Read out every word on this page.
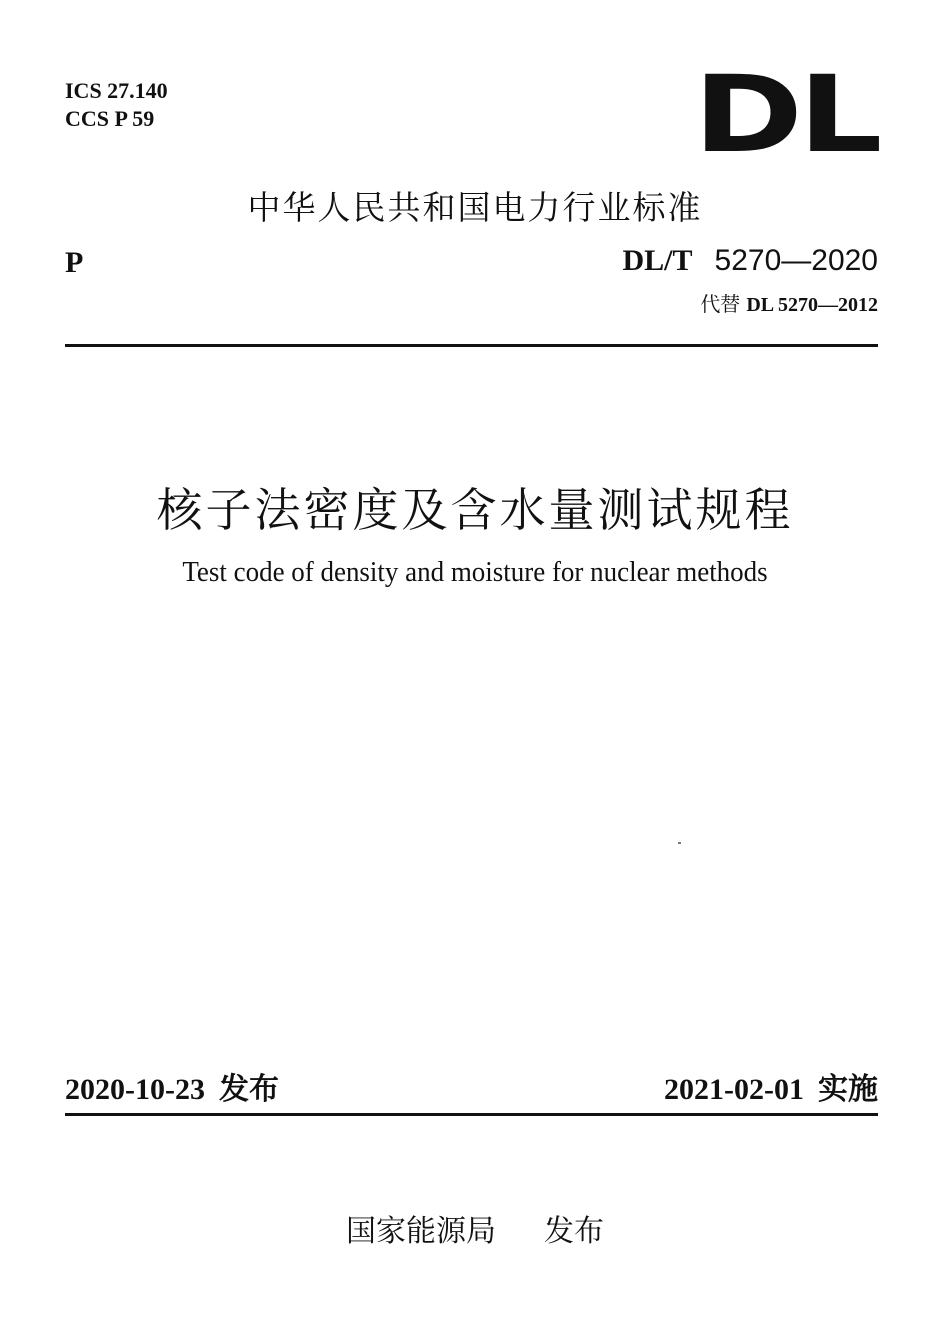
ICS 27.140
CCS P 59	DL
中华人民共和国电力行业标准
P	DL/T 5270—2020
代替 DL 5270—2012
核子法密度及含水量测试规程
Test code of density and moisture for nuclear methods
2020-10-23 发布	2021-02-01 实施
国家能源局 发布
